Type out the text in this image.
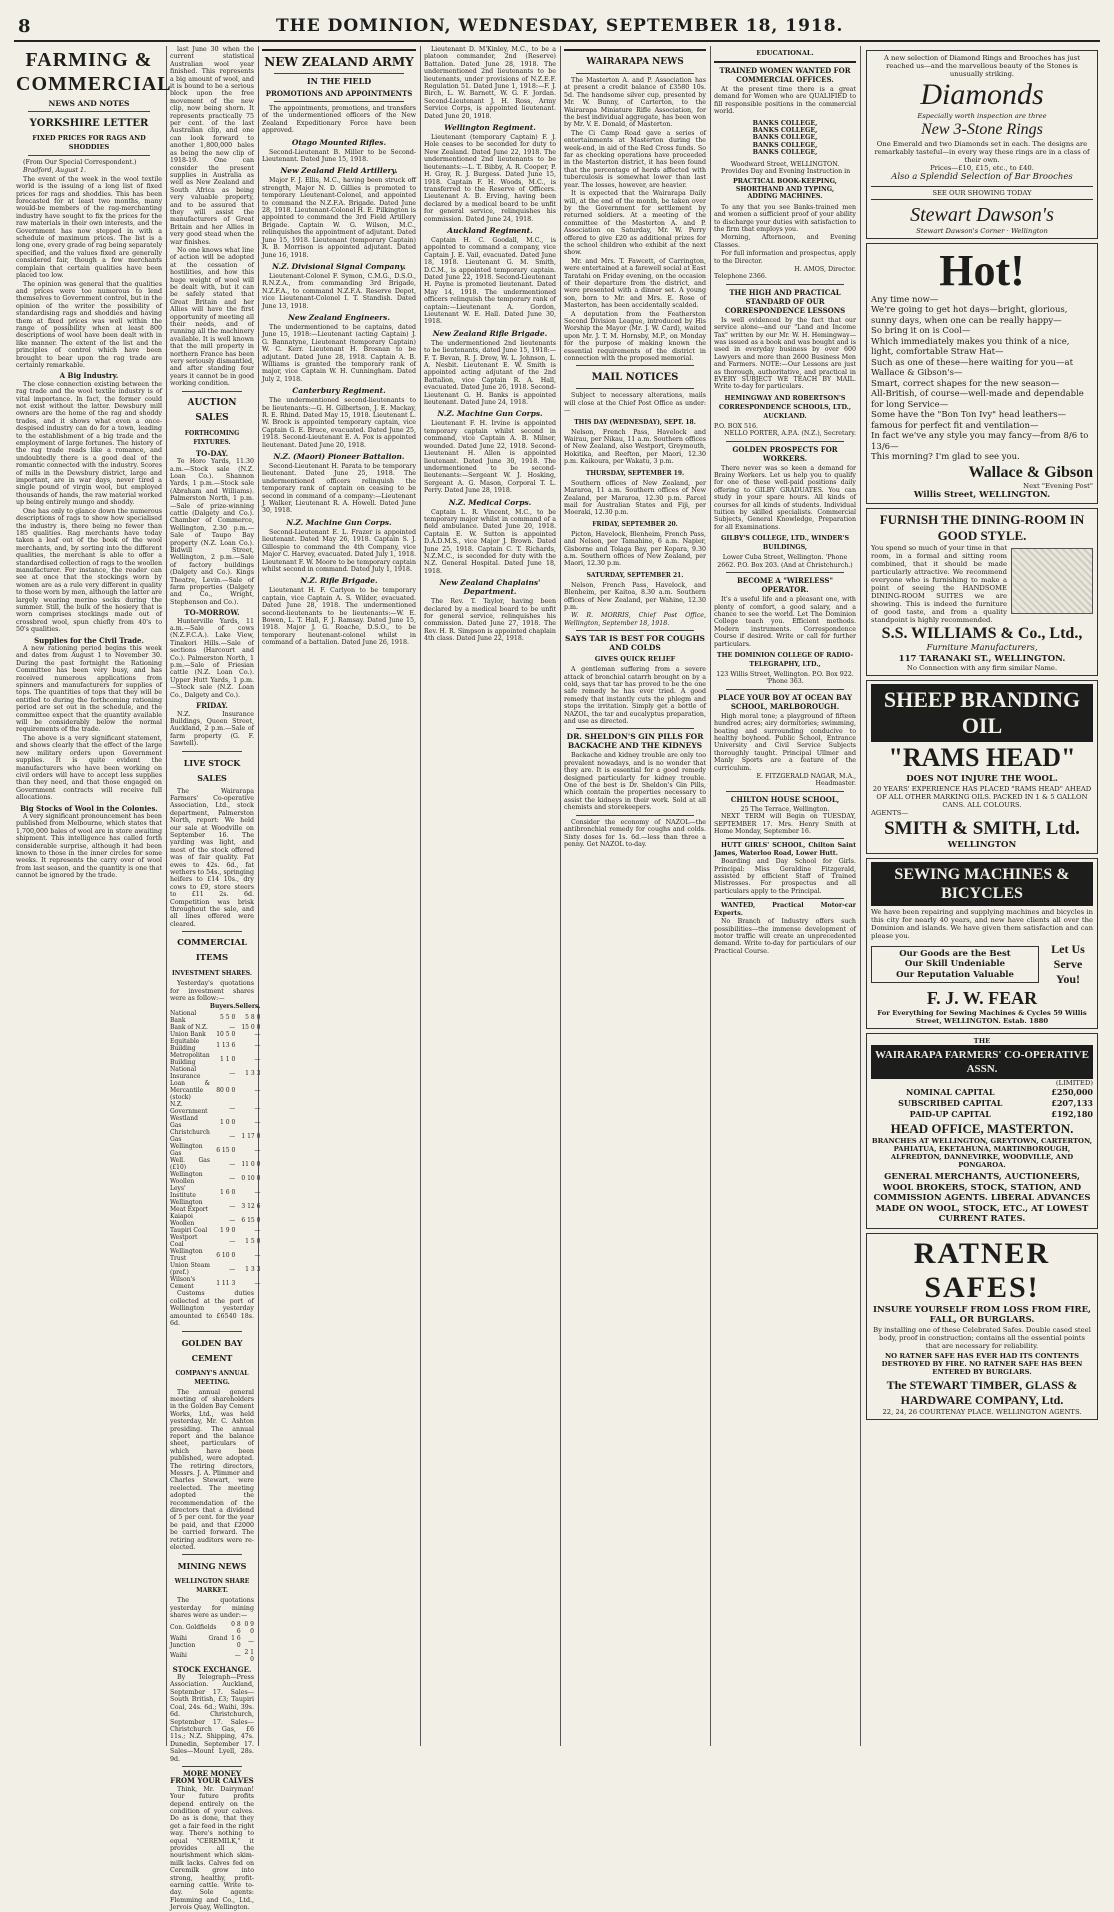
8	THE DOMINION, WEDNESDAY, SEPTEMBER 18, 1918.
FARMING & COMMERCIAL
NEWS AND NOTES
YORKSHIRE LETTER
FIXED PRICES FOR RAGS AND SHODDIES

(From Our Special Correspondent.)

Bradford, August 1.

The event of the week in the wool textile world is the issuing of a long list of fixed prices for rags and shoddies. This has been forecasted for at least two months, many would-be members of the rag-merchanting industry have sought to fix the prices for the raw materials in their own interests, and the Government has now stepped in with a schedule of maximum prices. The list is a long one, every grade of rag being separately specified, and the values fixed are generally considered fair, though a few merchants complain that certain qualities have been placed too low.

The opinion was general that the qualities and prices were too numerous to lend themselves to Government control, but in the opinion of the writer the possibility of standardising rags and shoddies and having them at fixed prices was well within the range of possibility when at least 800 descriptions of wool have been dealt with in like manner. The extent of the list and the principles of control which have been brought to bear upon the rag trade are certainly remarkable.

A Big Industry.

The close connection existing between the rag trade and the wool textile industry is of vital importance. In fact, the former could not exist without the latter. Dewsbury mill owners are the home of the rag and shoddy trades, and it shows what even a once-despised industry can do for a town, leading to the establishment of a big trade and the employment of large fortunes. The history of the rag trade reads like a romance, and undoubtedly there is a good deal of the romantic connected with the industry. Scores of mills in the Dewsbury district, large and important, are in war days, never tired a single pound of virgin wool, but employed thousands of hands, the raw material worked up being entirely mungo and shoddy.

One has only to glance down the numerous descriptions of rags to show how specialised the industry is, there being no fewer than 185 qualities. Rag merchants have today taken a leaf out of the book of the wool merchants, and, by sorting into the different qualities, the merchant is able to offer a standardised collection of rags to the woollen manufacturer. For instance, the reader can see at once that the stockings worn by women are as a rule very different in quality to those worn by men, although the latter are largely wearing merino socks during the summer. Still, the bulk of the hosiery that is worn comprises stockings made out of crossbred wool, spun chiefly from 40's to 50's qualities.

Supplies for the Civil Trade.

A new rationing period begins this week and dates from August 1 to November 30. During the past fortnight the Rationing Committee has been very busy, and has received numerous applications from spinners and manufacturers for supplies of tops. The quantities of tops that they will be entitled to during the forthcoming rationing period are set out in the schedule, and the committee expect that the quantity available will be considerably below the normal requirements of the trade.

The above is a very significant statement, and shows clearly that the effect of the large new military orders upon Government supplies. It is quite evident the manufacturers who have been working on civil orders will have to accept less supplies than they need, and that those engaged on Government contracts will receive full allocations.

Big Stocks of Wool in the Colonies.

A very significant pronouncement has been published from Melbourne, which states that 1,700,000 bales of wool are in store awaiting shipment. This intelligence has called forth considerable surprise, although it had been known to those in the inner circles for some weeks. It represents the carry over of wool from last season, and the quantity is one that cannot be ignored by the trade.

last June 30 when the current statistical Australian wool year finished. This represents a big amount of wool, and it is bound to be a serious block upon the free movement of the new clip, now being shorn. It represents practically 75 per cent. of the last Australian clip, and one can look forward to another 1,800,000 bales as being the new clip of 1918-19. One can consider the present supplies in Australia as well as New Zealand and South Africa as being very valuable property, and to be assured that they will assist the manufacturers of Great Britain and her Allies in very good stead when the war finishes.

No one knows what line of action will be adopted at the cessation of hostilities, and how this huge weight of wool will be dealt with, but it can be safely stated that Great Britain and her Allies will have the first opportunity of meeting all their needs, and of running all the machinery available. It is well known that the mill property in northern France has been very seriously dismantled, and after standing four years it cannot be in good working condition.

AUCTION SALES
FORTHCOMING FIXTURES.
TO-DAY.

Te Horo Yards, 11.30 a.m.—Stock sale (N.Z. Loan Co.). Shannon Yards, 1 p.m.—Stock sale (Abraham and Williams). Palmerston North, 1 p.m.—Sale of prize-winning cattle (Dalgety and Co.). Chamber of Commerce, Wellington, 2.30 p.m.—Sale of Taupo Bay property (N.Z. Loan Co.). Bidwill Street, Wellington, 2 p.m.—Sale of factory buildings (Dalgety and Co.). Kings Theatre, Levin.—Sale of farm properties (Dalgety and Co., Wright, Stephenson and Co.).

TO-MORROW.

Hunterville Yards, 11 a.m.—Sale of cows (N.Z.F.C.A.). Lake View, Tinakori Hills.—Sale of sections (Harcourt and Co.). Palmerston North, 1 p.m.—Sale of Friesian cattle (N.Z. Loan Co.). Upper Hutt Yards, 1 p.m.—Stock sale (N.Z. Loan Co., Dalgety and Co.).

FRIDAY.

N.Z. Insurance Buildings, Queen Street, Auckland, 2 p.m.—Sale of farm property (G. F. Sawtell).

LIVE STOCK SALES

The Wairarapa Farmers' Co-operative Association, Ltd., stock department, Palmerston North, report: We held our sale at Woodville on September 16. The yarding was light, and most of the stock offered was of fair quality. Fat ewes to 42s. 6d., fat wethers to 54s., springing heifers to £14 10s., dry cows to £9, store steers to £11 2s. 6d. Competition was brisk throughout the sale, and all lines offered were cleared.

COMMERCIAL ITEMS
INVESTMENT SHARES.

Yesterday's quotations for investment shares were as follow:—

	Buyers.	Sellers.
National Bank	5 5 0	5 8 0
Bank of N.Z.	—	15 0 0
Union Bank	10 5 0	—
Equitable Building	1 13 6	—
Metropolitan Building	1 1 0	—
National Insurance	—	1 3 3
Loan & Mercantile (stock)	80 0 0	—
N.Z. Government	—	—
Westland Gas	1 0 0	—
Christchurch Gas	—	1 17 0
Wellington Gas	6 15 0	—
Well. Gas (£10)	—	11 0 0
Wellington Woollen	—	0 10 0
Leys' Institute	1 6 0	—
Wellington Meat Export	—	3 12 6
Kaiapoi Woollen	—	6 15 0
Taupiri Coal	1 9 0	—
Westport Coal	—	1 5 0
Wellington Trust	6 10 0	—
Union Steam (pref.)	—	1 3 3
Wilson's Cement	1 11 3	—

Customs duties collected at the port of Wellington yesterday amounted to £6540 18s. 6d.

GOLDEN BAY CEMENT
COMPANY'S ANNUAL MEETING.

The annual general meeting of shareholders in the Golden Bay Cement Works, Ltd., was held yesterday, Mr. C. Ashton presiding. The annual report and the balance sheet, particulars of which have been published, were adopted. The retiring directors, Messrs. J. A. Plimmer and Charles Stewart, were reelected. The meeting adopted the recommendation of the directors that a dividend of 5 per cent. for the year be paid, and that £2000 be carried forward. The retiring auditors were re-elected.

MINING NEWS
WELLINGTON SHARE MARKET.

The quotations yesterday for mining shares were as under:—

Con. Goldfields	0 8 6	0 9 0
Waihi Grand Junction	1 6 0	—
Waihi	—	2 1 0
STOCK EXCHANGE.

By Telegraph—Press Association. Auckland, September 17. Sales—South British, £3; Taupiri Coal, 24s. 6d.; Waihi, 39s. 6d. Christchurch, September 17. Sales—Christchurch Gas, £6 11s.; N.Z. Shipping, 47s. Dunedin, September 17. Sales—Mount Lyell, 28s. 9d.

MORE MONEY FROM YOUR CALVES

Think, Mr. Dairyman! Your future profits depend entirely on the condition of your calves. Do as is done, that they get a fair feed in the right way. There's nothing to equal "CEREMILK," it provides all the nourishment which skim-milk lacks. Calves fed on Ceremilk grow into strong, healthy, profit-earning cattle. Write to-day. Sole agents: Flemming and Co., Ltd., Jervois Quay, Wellington.

NEW ZEALAND ARMY
IN THE FIELD
PROMOTIONS AND APPOINTMENTS

The appointments, promotions, and transfers of the undermentioned officers of the New Zealand Expeditionary Force have been approved.

Otago Mounted Rifles.

Second-Lieutenant B. Miller to be Second-Lieutenant. Dated June 15, 1918.

New Zealand Field Artillery.

Major F. J. Ellis, M.C., having been struck off strength, Major N. D. Gillies is promoted to temporary Lieutenant-Colonel, and appointed to command the N.Z.F.A. Brigade. Dated June 28, 1918. Lieutenant-Colonel H. E. Pilkington is appointed to command the 3rd Field Artillery Brigade. Captain W. G. Wilson, M.C., relinquishes the appointment of adjutant. Dated June 15, 1918. Lieutenant (temporary Captain) R. B. Morrison is appointed adjutant. Dated June 16, 1918.

N.Z. Divisional Signal Company.

Lieutenant-Colonel F. Symon, C.M.G., D.S.O., R.N.Z.A., from commanding 3rd Brigade, N.Z.F.A., to command N.Z.F.A. Reserve Depot, vice Lieutenant-Colonel I. T. Standish. Dated June 13, 1918.

New Zealand Engineers.

The undermentioned to be captains, dated June 15, 1918:—Lieutenant (acting Captain) J. G. Bannatyne, Lieutenant (temporary Captain) W. C. Kerr. Lieutenant H. Brosnan to be adjutant. Dated June 28, 1918. Captain A. B. Williams is granted the temporary rank of major, vice Captain W. H. Cunningham. Dated July 2, 1918.

Canterbury Regiment.

The undermentioned second-lieutenants to be lieutenants:—G. H. Gilbertson, J. E. Mackay, R. E. Rhind. Dated May 15, 1918. Lieutenant L. W. Brock is appointed temporary captain, vice Captain G. E. Bruce, evacuated. Dated June 25, 1918. Second-Lieutenant E. A. Fox is appointed lieutenant. Dated June 20, 1918.

N.Z. (Maori) Pioneer Battalion.

Second-Lieutenant H. Parata to be temporary lieutenant. Dated June 25, 1918. The undermentioned officers relinquish the temporary rank of captain on ceasing to be second in command of a company:—Lieutenant J. Walker, Lieutenant R. A. Howell. Dated June 30, 1918.

N.Z. Machine Gun Corps.

Second-Lieutenant E. L. Frazer is appointed lieutenant. Dated May 26, 1918. Captain S. J. Gillespie to command the 4th Company, vice Major C. Harvey, evacuated. Dated July 1, 1918. Lieutenant F. W. Moore to be temporary captain whilst second in command. Dated July 1, 1918.

N.Z. Rifle Brigade.

Lieutenant H. F. Carlyon to be temporary captain, vice Captain A. S. Wilder, evacuated. Dated June 28, 1918. The undermentioned second-lieutenants to be lieutenants:—W. E. Bowen, L. T. Hall, F. J. Ramsay. Dated June 15, 1918. Major J. G. Roache, D.S.O., to be temporary lieutenant-colonel whilst in command of a battalion. Dated June 26, 1918.

Lieutenant D. M'Kinley, M.C., to be a platoon commander, 2nd (Reserve) Battalion. Dated June 28, 1918. The undermentioned 2nd lieutenants to be lieutenants, under provisions of N.Z.E.F. Regulation 51. Dated June 1, 1918:—F. J. Birch, L. W. Barnett, W. G. F. Jordan. Second-Lieutenant J. H. Ross, Army Service Corps, is appointed lieutenant. Dated June 20, 1918.

Wellington Regiment.

Lieutenant (temporary Captain) F. J. Hole ceases to be seconded for duty to New Zealand. Dated June 22, 1918. The undermentioned 2nd lieutenants to be lieutenants:—L. T. Bibby, A. R. Cooper, P. H. Gray, R. J. Burgess. Dated June 15, 1918. Captain F. H. Woods, M.C., is transferred to the Reserve of Officers. Lieutenant A. B. Erving, having been declared by a medical board to be unfit for general service, relinquishes his commission. Dated June 24, 1918.

Auckland Regiment.

Captain H. C. Goodall, M.C., is appointed to command a company, vice Captain J. E. Vail, evacuated. Dated June 18, 1918. Lieutenant G. M. Smith, D.C.M., is appointed temporary captain. Dated June 22, 1918. Second-Lieutenant H. Payne is promoted lieutenant. Dated May 14, 1918. The undermentioned officers relinquish the temporary rank of captain:—Lieutenant A. Gordon, Lieutenant W. E. Hall. Dated June 30, 1918.

New Zealand Rifle Brigade.

The undermentioned 2nd lieutenants to be lieutenants, dated June 15, 1918:—F. T. Bevan, R. J. Drew, W. L. Johnson, L. A. Nesbit. Lieutenant E. W. Smith is appointed acting adjutant of the 2nd Battalion, vice Captain R. A. Hall, evacuated. Dated June 26, 1918. Second-Lieutenant G. H. Banks is appointed lieutenant. Dated June 24, 1918.

N.Z. Machine Gun Corps.

Lieutenant F. H. Irvine is appointed temporary captain whilst second in command, vice Captain A. B. Milner, wounded. Dated June 22, 1918. Second-Lieutenant H. Allen is appointed lieutenant. Dated June 30, 1918. The undermentioned to be second-lieutenants:—Sergeant W. J. Hosking, Sergeant A. G. Mason, Corporal T. L. Perry. Dated June 28, 1918.

N.Z. Medical Corps.

Captain L. R. Vincent, M.C., to be temporary major whilst in command of a field ambulance. Dated June 20, 1918. Captain E. W. Sutton is appointed D.A.D.M.S., vice Major J. Brown. Dated June 25, 1918. Captain C. T. Richards, N.Z.M.C., is seconded for duty with the N.Z. General Hospital. Dated June 18, 1918.

New Zealand Chaplains' Department.

The Rev. T. Taylor, having been declared by a medical board to be unfit for general service, relinquishes his commission. Dated June 27, 1918. The Rev. H. R. Simpson is appointed chaplain 4th class. Dated June 22, 1918.

WAIRARAPA NEWS

The Masterton A. and P. Association has at present a credit balance of £3580 10s. 5d. The handsome silver cup, presented by Mr. W. Bunny, of Carterton, to the Wairarapa Miniature Rifle Association, for the best individual aggregate, has been won by Mr. V. E. Donald, of Masterton.

The Ci Camp Road gave a series of entertainments at Masterton during the week-end, in aid of the Red Cross funds. So far as checking operations have proceeded in the Masterton district, it has been found that the percentage of herds affected with tuberculosis is somewhat lower than last year. The losses, however, are heavier.

It is expected that the Wairarapa Daily will, at the end of the month, be taken over by the Government for settlement by returned soldiers. At a meeting of the committee of the Masterton A. and P. Association on Saturday, Mr. W. Perry offered to give £20 as additional prizes for the school children who exhibit at the next show.

Mr. and Mrs. T. Fawcett, of Carrington, were entertained at a farewell social at East Taratahi on Friday evening, on the occasion of their departure from the district, and were presented with a dinner set. A young son, born to Mr. and Mrs. E. Rose of Masterton, has been accidentally scalded.

A deputation from the Featherston Second Division League, introduced by His Worship the Mayor (Mr. J. W. Card), waited upon Mr. J. T. M. Hornsby, M.P., on Monday for the purpose of making known the essential requirements of the district in connection with the proposed memorial.

MAIL NOTICES

Subject to necessary alterations, mails will close at the Chief Post Office as under:—

THIS DAY (WEDNESDAY), SEPT. 18.

Nelson, French Pass, Havelock and Wairau, per Nikau, 11 a.m. Southern offices of New Zealand, also Westport, Greymouth, Hokitika, and Reefton, per Maori, 12.30 p.m. Kaikoura, per Wakatu, 3 p.m.

THURSDAY, SEPTEMBER 19.

Southern offices of New Zealand, per Mararoa, 11 a.m. Southern offices of New Zealand, per Mararoa, 12.30 p.m. Parcel mail for Australian States and Fiji, per Moeraki, 12.30 p.m.

FRIDAY, SEPTEMBER 20.

Picton, Havelock, Blenheim, French Pass, and Nelson, per Tamahine, 6 a.m. Napier, Gisborne and Tolaga Bay, per Kopara, 9.30 a.m. Southern offices of New Zealand, per Maori, 12.30 p.m.

SATURDAY, SEPTEMBER 21.

Nelson, French Pass, Havelock, and Blenheim, per Kaitoa, 8.30 a.m. Southern offices of New Zealand, per Wahine, 12.30 p.m.

W. R. MORRIS, Chief Post Office, Wellington, September 18, 1918.

SAYS TAR IS BEST FOR COUGHS AND COLDS
GIVES QUICK RELIEF

A gentleman suffering from a severe attack of bronchial catarrh brought on by a cold, says that tar has proved to be the one safe remedy he has ever tried. A good remedy that instantly cuts the phlegm and stops the irritation. Simply get a bottle of NAZOL, the tar and eucalyptus preparation, and use as directed.

DR. SHELDON'S GIN PILLS FOR BACKACHE AND THE KIDNEYS

Backache and kidney trouble are only too prevalent nowadays, and is no wonder that they are. It is essential for a good remedy designed particularly for kidney trouble. One of the best is Dr. Sheldon's Gin Pills, which contain the properties necessary to assist the kidneys in their work. Sold at all chemists and storekeepers.

Consider the economy of NAZOL—the antibronchial remedy for coughs and colds. Sixty doses for 1s. 6d.—less than three a penny. Get NAZOL to-day.

EDUCATIONAL.
TRAINED WOMEN WANTED FOR COMMERCIAL OFFICES.

At the present time there is a great demand for Women who are QUALIFIED to fill responsible positions in the commercial world.

BANKS COLLEGE,
BANKS COLLEGE,
BANKS COLLEGE,
BANKS COLLEGE,
BANKS COLLEGE,
Woodward Street, WELLINGTON.

Provides Day and Evening Instruction in

PRACTICAL BOOK-KEEPING,
SHORTHAND AND TYPING,
ADDING MACHINES.

To any that you see Banks-trained men and women a sufficient proof of your ability to discharge your duties with satisfaction to the firm that employs you.

Morning, Afternoon, and Evening Classes.

For full information and prospectus, apply to the Director.

H. AMOS, Director.
Telephone 2366.
THE HIGH AND PRACTICAL STANDARD OF OUR CORRESPONDENCE LESSONS

Is well evidenced by the fact that our service alone—and our "Land and Income Tax" written by our Mr. W. H. Hemingway—was issued as a book and was bought and is used in everyday business by over 600 Lawyers and more than 2600 Business Men and Farmers. NOTE:—Our Lessons are just as thorough, authoritative, and practical in EVERY SUBJECT WE TEACH BY MAIL. Write to-day for particulars.

HEMINGWAY AND ROBERTSON'S CORRESPONDENCE SCHOOLS, LTD., AUCKLAND.
P.O. BOX 516.
NELLO PORTER, A.P.A. (N.Z.), Secretary.
GOLDEN PROSPECTS FOR WORKERS.

There never was so keen a demand for Brainy Workers. Let us help you to qualify for one of these well-paid positions daily offering to GILBY GRADUATES. You can study in your spare hours. All kinds of courses for all kinds of students. Individual tuition by skilled specialists. Commercial Subjects, General Knowledge, Preparation for all Examinations.

GILBY'S COLLEGE, LTD., WINDER'S BUILDINGS,
Lower Cuba Street, Wellington. 'Phone 2662. P.O. Box 203. (And at Christchurch.)
BECOME A "WIRELESS" OPERATOR.

It's a useful life and a pleasant one, with plenty of comfort, a good salary, and a chance to see the world. Let The Dominion College teach you. Efficient methods. Modern instruments. Correspondence Course if desired. Write or call for further particulars.

THE DOMINION COLLEGE OF RADIO-TELEGRAPHY, LTD.,
123 Willis Street, Wellington. P.O. Box 922. 'Phone 363.
PLACE YOUR BOY AT OCEAN BAY SCHOOL, MARLBOROUGH.

High moral tone; a playground of fifteen hundred acres; airy dormitories; swimming, boating and surrounding conducive to healthy boyhood. Public School, Entrance University and Civil Service Subjects thoroughly taught. Principal Ullmer and Manly Sports are a feature of the curriculum.

E. FITZGERALD NAGAR, M.A., Headmaster.
CHILTON HOUSE SCHOOL,
25 The Terrace, Wellington.

NEXT TERM will Begin on TUESDAY, SEPTEMBER 17. Mrs. Henry Smith at Home Monday, September 16.

HUTT GIRLS' SCHOOL, Chilton Saint James, Waterloo Road, Lower Hutt.

Boarding and Day School for Girls. Principal: Miss Geraldine Fitzgerald, assisted by efficient Staff of Trained Mistresses. For prospectus and all particulars apply to the Principal.

WANTED, Practical Motor-car Experts.

No Branch of Industry offers such possibilities—the immense development of motor traffic will create an unprecedented demand. Write to-day for particulars of our Practical Course.

A new selection of Diamond Rings and Brooches has just reached us—and the marvellous beauty of the Stones is unusually striking.
Diamonds
Especially worth inspection are three
New 3-Stone Rings
One Emerald and two Diamonds set in each. The designs are remarkably tasteful—in every way these rings are in a class of their own.
Prices—£10, £15, etc., to £40.
Also a Splendid Selection of Bar Brooches
SEE OUR SHOWING TODAY
Stewart Dawson's
Stewart Dawson's Corner · Wellington
Hot!
Any time now—
We're going to get hot days—bright, glorious, sunny days, when one can be really happy—
So bring it on is Cool—
Which immediately makes you think of a nice, light, comfortable Straw Hat—
Such as one of these—here waiting for you—at Wallace & Gibson's—
Smart, correct shapes for the new season—
All-British, of course—well-made and dependable for long Service—
Some have the "Bon Ton Ivy" head leathers—famous for perfect fit and ventilation—
In fact we've any style you may fancy—from 8/6 to 13/6—
This morning? I'm glad to see you.
Wallace & Gibson
Next "Evening Post"
Willis Street, WELLINGTON.
FURNISH THE DINING-ROOM IN GOOD STYLE.
You spend so much of your time in that room, in a formal and sitting room combined, that it should be made particularly attractive. We recommend everyone who is furnishing to make a point of seeing the HANDSOME DINING-ROOM SUITES we are showing. This is indeed the furniture of good taste, and from a quality standpoint is highly recommended.
S.S. WILLIAMS & Co., Ltd.,
Furniture Manufacturers,
117 TARANAKI ST., WELLINGTON.
No Connection with any firm similar Name.
SHEEP BRANDING OIL
"RAMS HEAD"
DOES NOT INJURE THE WOOL.
20 YEARS' EXPERIENCE HAS PLACED "RAMS HEAD" AHEAD OF ALL OTHER MARKING OILS. PACKED IN 1 & 5 GALLON CANS. ALL COLOURS.
AGENTS—
SMITH & SMITH, Ltd.
WELLINGTON
SEWING MACHINES & BICYCLES
We have been repairing and supplying machines and bicycles in this city for nearly 40 years, and new have clients all over the Dominion and islands. We have given them satisfaction and can please you.
Our Goods are the Best
Our Skill Undeniable
Our Reputation Valuable
Let Us Serve You!
F. J. W. FEAR
For Everything for Sewing Machines & Cycles 59 Willis Street, WELLINGTON. Estab. 1880
THE
WAIRARAPA FARMERS' CO-OPERATIVE ASSN.
(LIMITED)
NOMINAL CAPITAL	£250,000
SUBSCRIBED CAPITAL	£207,133
PAID-UP CAPITAL	£192,180
HEAD OFFICE, MASTERTON.
BRANCHES AT WELLINGTON, GREYTOWN, CARTERTON, PAHIATUA, EKETAHUNA, MARTINBOROUGH, ALFREDTON, DANNEVIRKE, WOODVILLE, AND PONGAROA.
GENERAL MERCHANTS, AUCTIONEERS, WOOL BROKERS, STOCK, STATION, AND COMMISSION AGENTS. LIBERAL ADVANCES MADE ON WOOL, STOCK, ETC., AT LOWEST CURRENT RATES.
RATNER SAFES!
INSURE YOURSELF FROM LOSS FROM FIRE, FALL, OR BURGLARS.
By installing one of these Celebrated Safes. Double cased steel body, proof in construction; contains all the essential points that are necessary for reliability.
NO RATNER SAFE HAS EVER HAD ITS CONTENTS DESTROYED BY FIRE. NO RATNER SAFE HAS BEEN ENTERED BY BURGLARS.
The STEWART TIMBER, GLASS & HARDWARE COMPANY, Ltd.
22, 24, 26 COURTENAY PLACE. WELLINGTON AGENTS.
